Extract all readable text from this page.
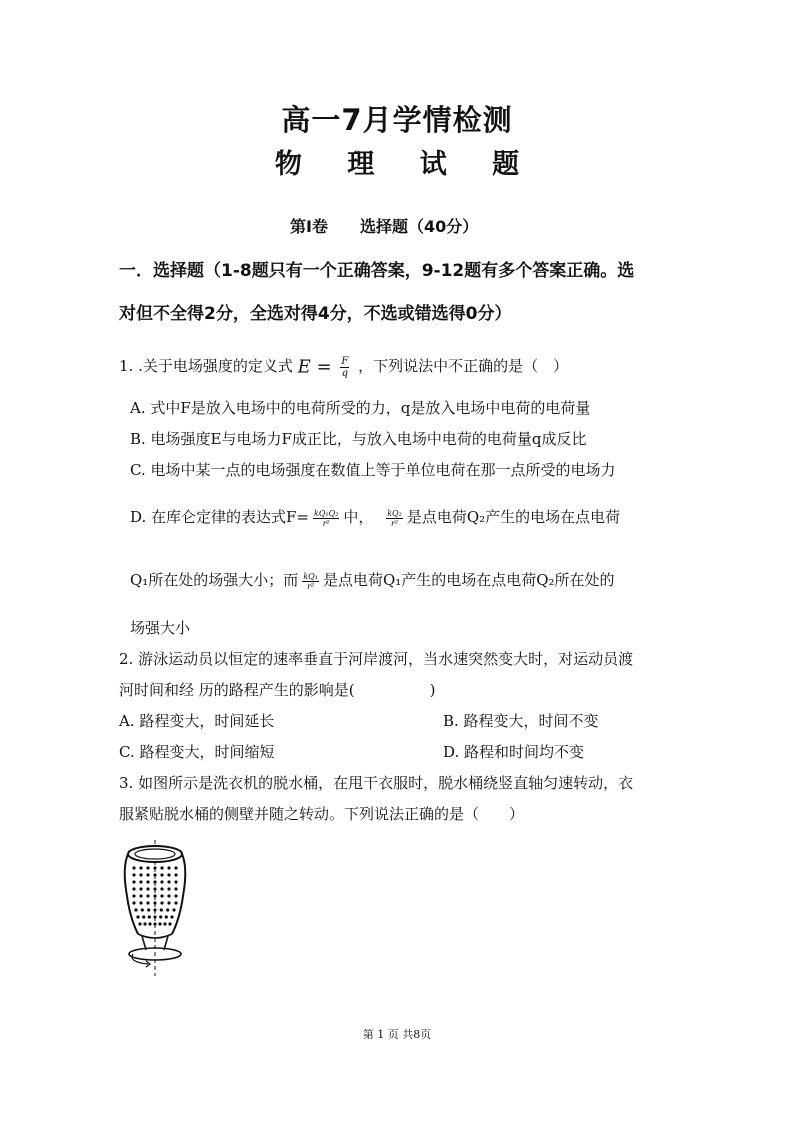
高一7月学情检测
物 理 试 题
第Ⅰ卷　　选择题（40分）
一．选择题（1-8题只有一个正确答案，9-12题有多个答案正确。选
对但不全得2分，全选对得4分，不选或错选得0分）
1. .关于电场强度的定义式 $E = \frac{F}{q}$ ，下列说法中不正确的是（　）
A. 式中F是放入电场中的电荷所受的力，q是放入电场中电荷的电荷量
B. 电场强度E与电场力F成正比，与放入电场中电荷的电荷量q成反比
C. 电场中某一点的电场强度在数值上等于单位电荷在那一点所受的电场力
D. 在库仑定律的表达式$F= \frac{\text{kQ₁Q₂}}{\text{r²}}$ 中， $\frac{\text{kQ₂}}{\text{r²}}$ 是点电荷Q₂产生的电场在点电荷
Q₁所在处的场强大小；而 $\frac{\text{kQ₁}}{\text{r²}}$ 是点电荷Q₁产生的电场在点电荷Q₂所在处的
场强大小
2. 游泳运动员以恒定的速率垂直于河岸渡河，当水速突然变大时，对运动员渡
河时间和经 历的路程产生的影响是(　　　　　)
A. 路程变大，时间延长	B. 路程变大，时间不变
C. 路程变大，时间缩短	D. 路程和时间均不变
3. 如图所示是洗衣机的脱水桶，在甩干衣服时，脱水桶绕竖直轴匀速转动，衣
服紧贴脱水桶的侧壁并随之转动。下列说法正确的是（　　）
第 1 页 共8页
